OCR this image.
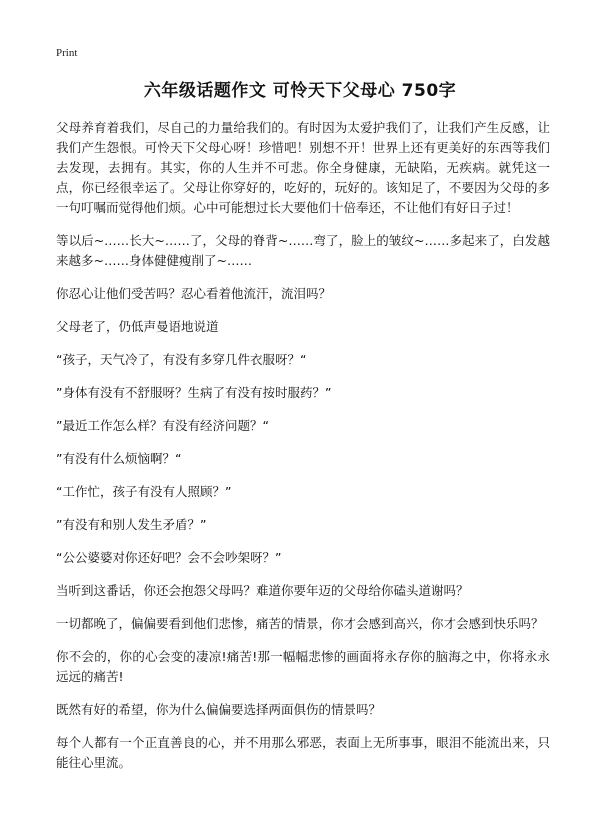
Print
六年级话题作文 可怜天下父母心 750字

父母养育着我们，尽自己的力量给我们的。有时因为太爱护我们了，让我们产生反感，让我们产生怨恨。可怜天下父母心呀！珍惜吧！别想不开！世界上还有更美好的东西等我们去发现，去拥有。其实，你的人生并不可悲。你全身健康，无缺陷，无疾病。就凭这一点，你已经很幸运了。父母让你穿好的，吃好的，玩好的。该知足了，不要因为父母的多一句叮嘱而觉得他们烦。心中可能想过长大要他们十倍奉还，不让他们有好日子过！

等以后~……长大~……了，父母的脊背~……弯了，脸上的皱纹~……多起来了，白发越来越多~……身体健健瘦削了~……

你忍心让他们受苦吗？忍心看着他流汗，流泪吗？

父母老了，仍低声曼语地说道

“孩子，天气冷了，有没有多穿几件衣服呀？“

”身体有没有不舒服呀？生病了有没有按时服药？”

”最近工作怎么样？有没有经济问题？“

”有没有什么烦恼啊？“

“工作忙，孩子有没有人照顾？”

”有没有和别人发生矛盾？”

“公公婆婆对你还好吧？会不会吵架呀？”

当听到这番话，你还会抱怨父母吗？难道你要年迈的父母给你磕头道谢吗？

一切都晚了，偏偏要看到他们悲惨，痛苦的情景，你才会感到高兴，你才会感到快乐吗？

你不会的，你的心会变的凄凉!痛苦!那一幅幅悲惨的画面将永存你的脑海之中，你将永永远远的痛苦!

既然有好的希望，你为什么偏偏要选择两面俱伤的情景吗？

每个人都有一个正直善良的心，并不用那么邪恶，表面上无所事事，眼泪不能流出来，只能往心里流。
